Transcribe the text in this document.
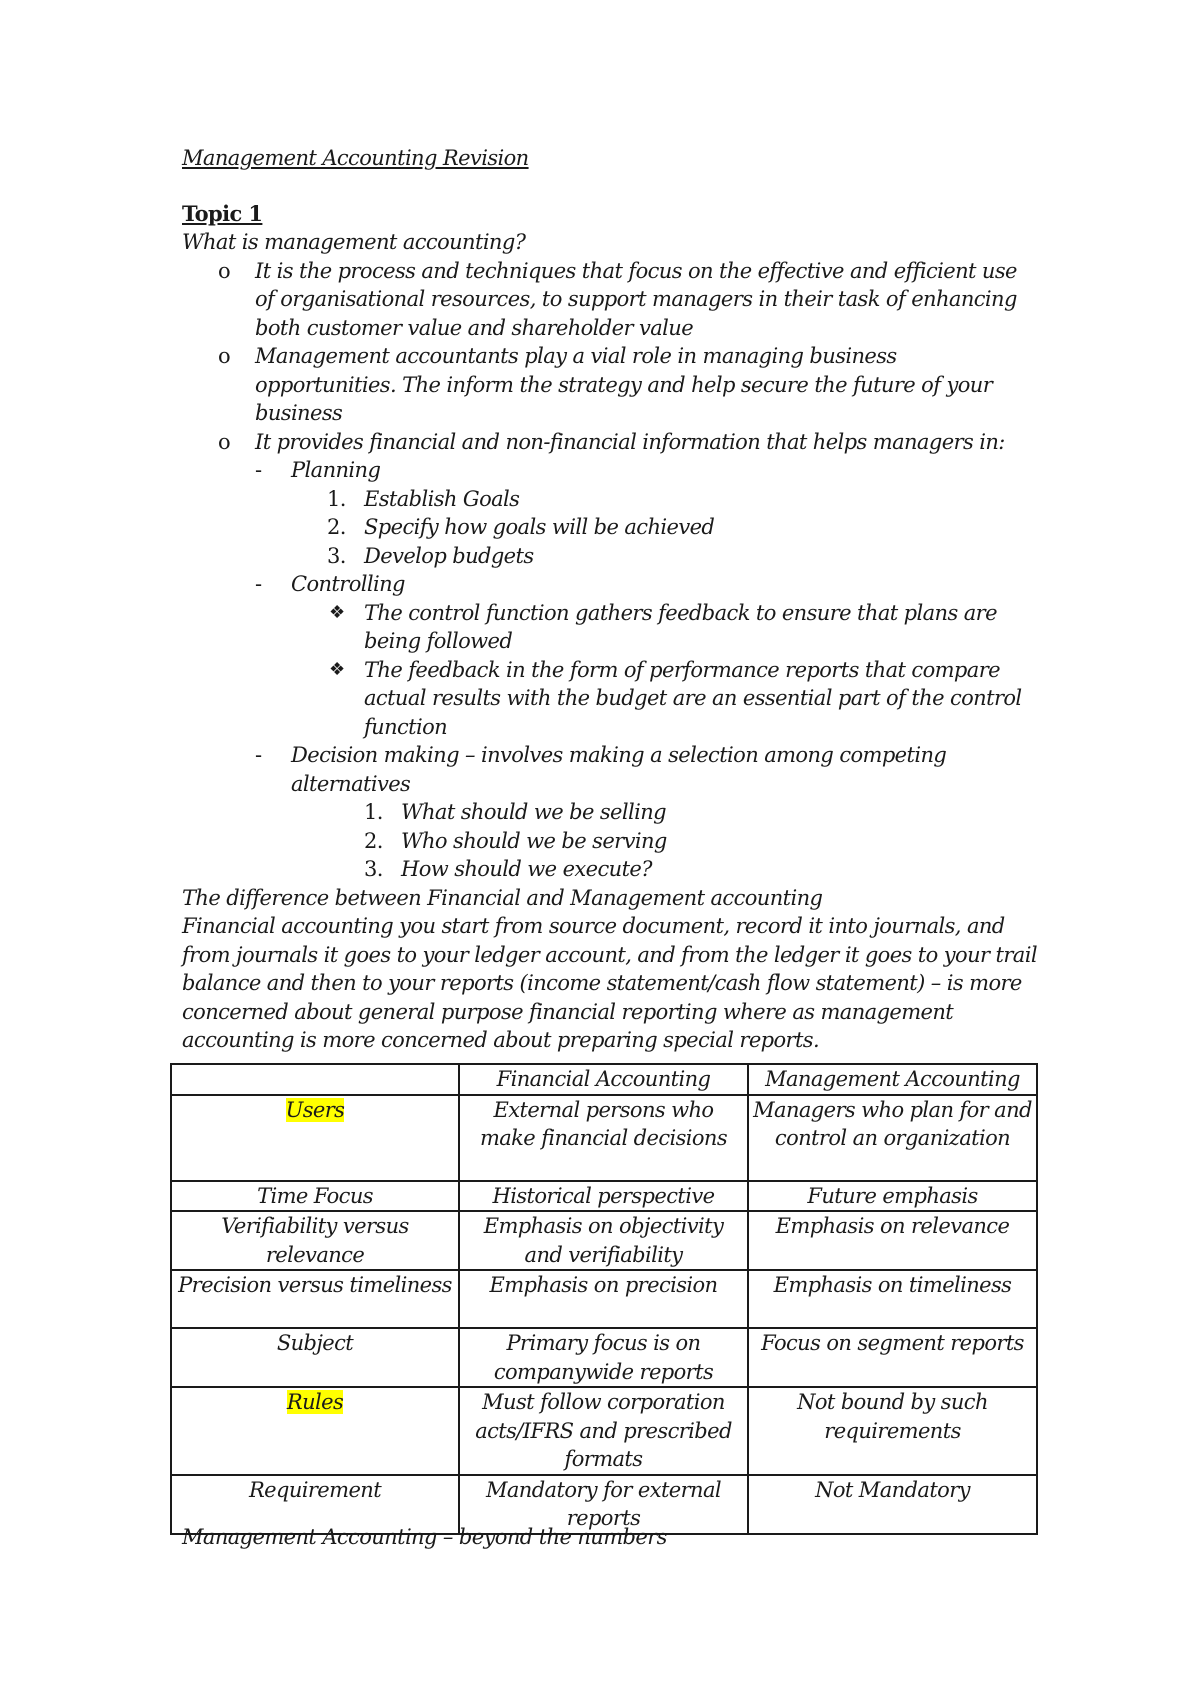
Management Accounting Revision
Topic 1
What is management accounting?
o It is the process and techniques that focus on the effective and efficient use of organisational resources, to support managers in their task of enhancing both customer value and shareholder value
o Management accountants play a vial role in managing business opportunities. The inform the strategy and help secure the future of your business
o It provides financial and non-financial information that helps managers in:
- Planning
1. Establish Goals
2. Specify how goals will be achieved
3. Develop budgets
- Controlling
❖ The control function gathers feedback to ensure that plans are being followed
❖ The feedback in the form of performance reports that compare actual results with the budget are an essential part of the control function
- Decision making – involves making a selection among competing alternatives
1. What should we be selling
2. Who should we be serving
3. How should we execute?
The difference between Financial and Management accounting
Financial accounting you start from source document, record it into journals, and from journals it goes to your ledger account, and from the ledger it goes to your trail balance and then to your reports (income statement/cash flow statement) – is more concerned about general purpose financial reporting where as management accounting is more concerned about preparing special reports.
	Financial Accounting	Management Accounting
Users	External persons who make financial decisions	Managers who plan for and control an organization
Time Focus	Historical perspective	Future emphasis
Verifiability versus relevance	Emphasis on objectivity and verifiability	Emphasis on relevance
Precision versus timeliness	Emphasis on precision	Emphasis on timeliness
Subject	Primary focus is on companywide reports	Focus on segment reports
Rules	Must follow corporation acts/IFRS and prescribed formats	Not bound by such requirements
Requirement	Mandatory for external reports	Not Mandatory
Management Accounting – beyond the numbers
